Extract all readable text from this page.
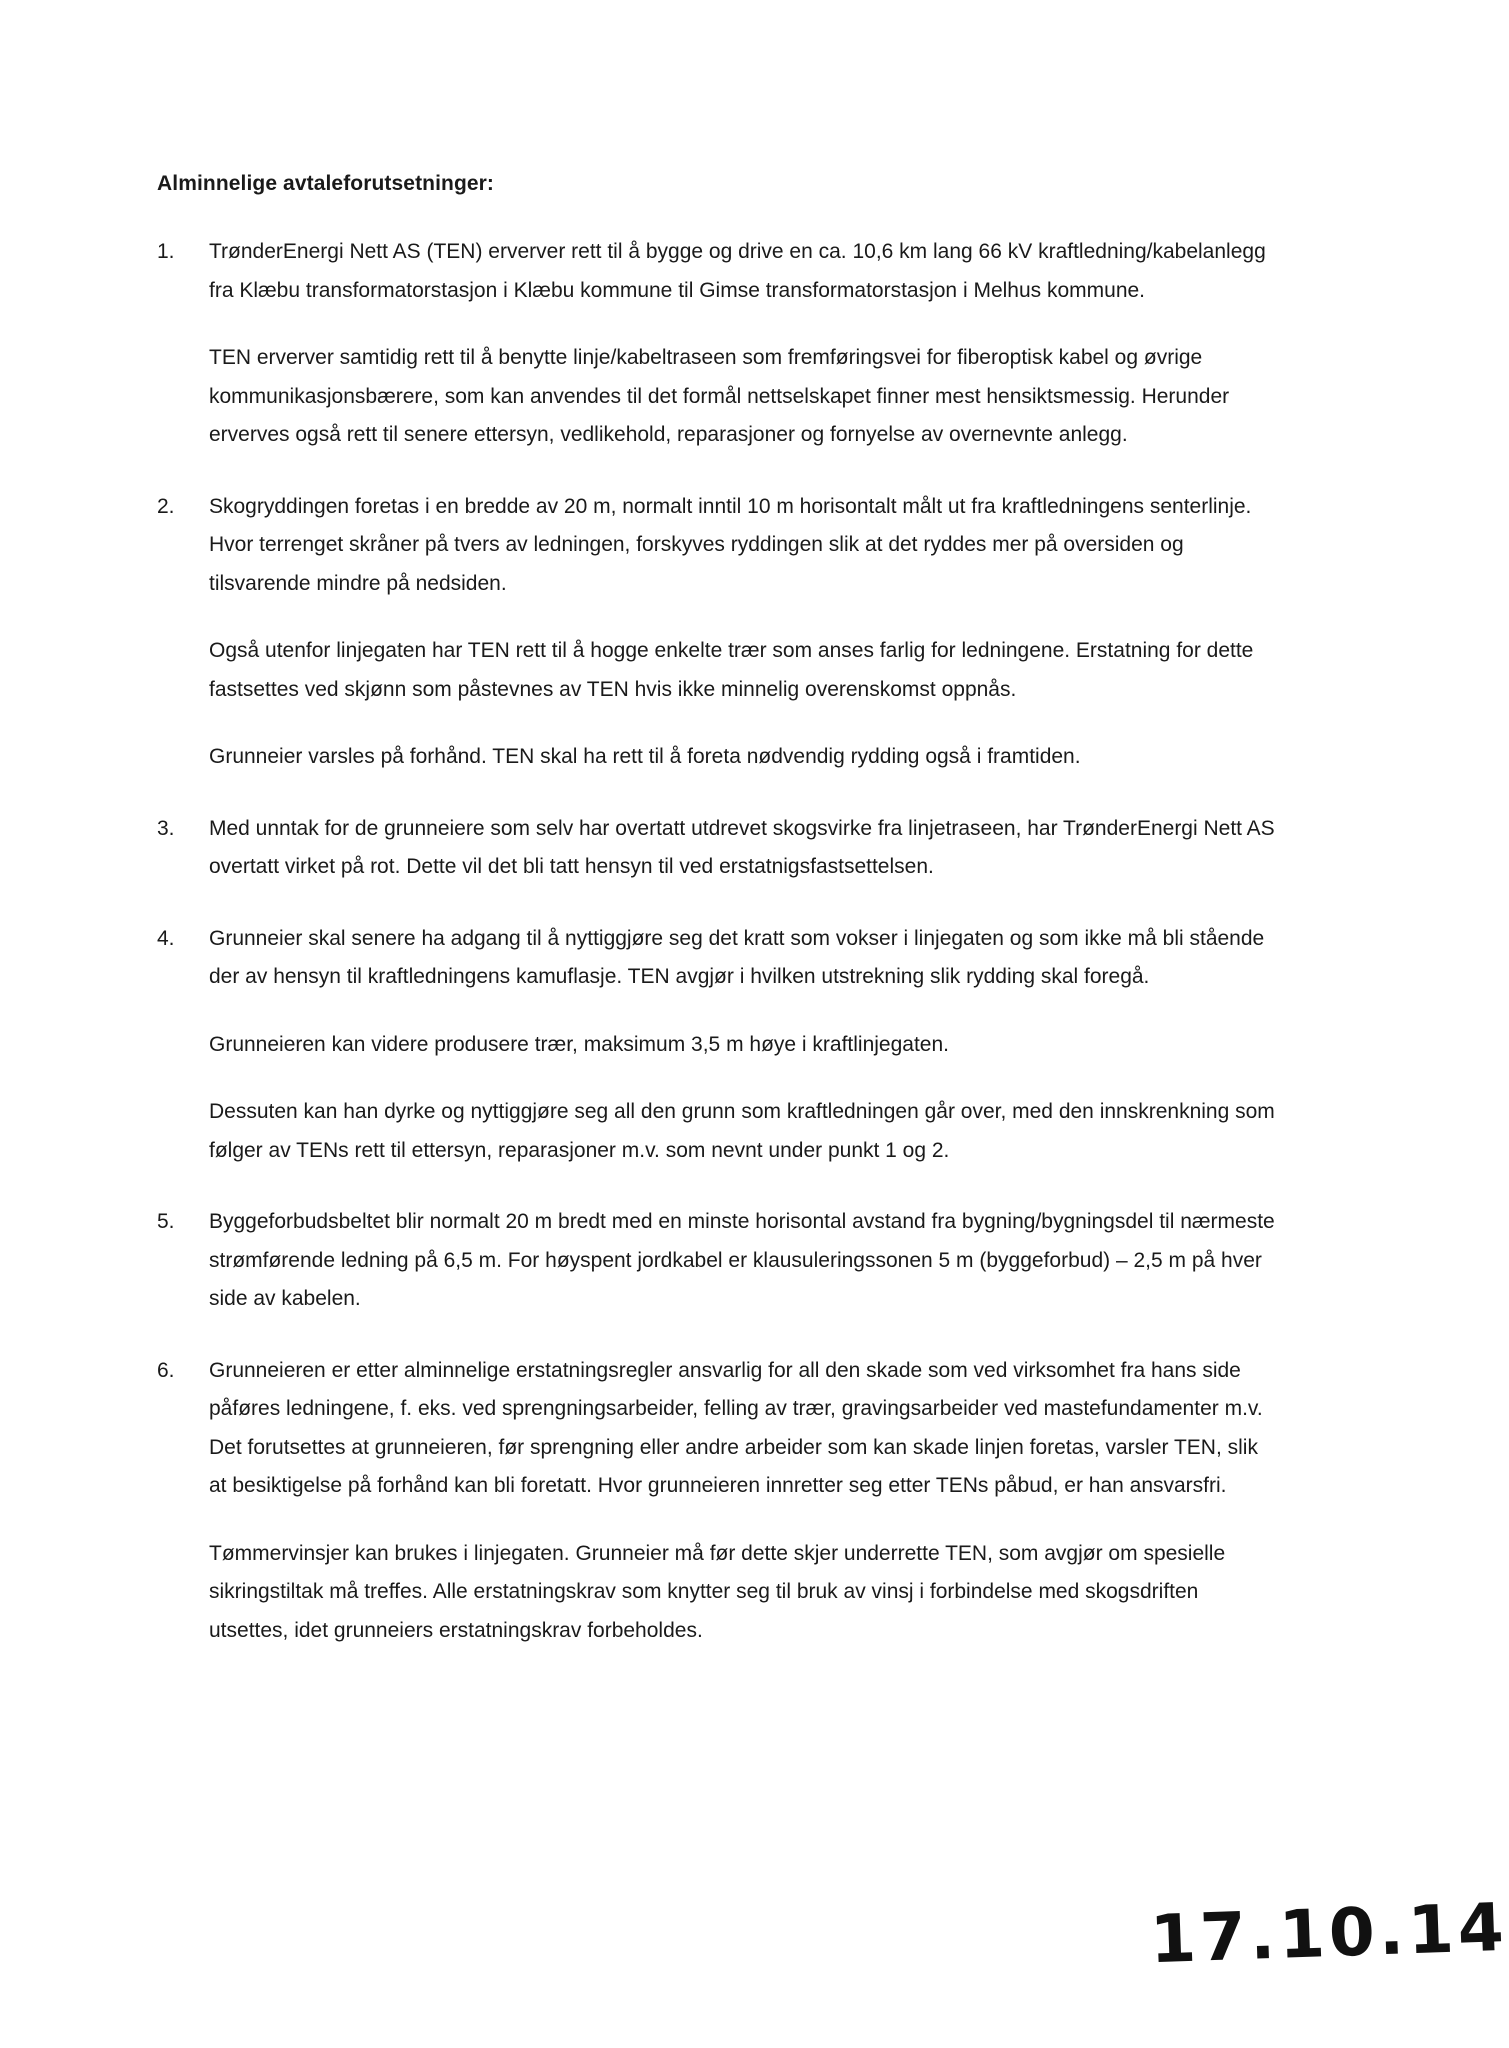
Alminnelige avtaleforutsetninger:
1. TrønderEnergi Nett AS (TEN) erverver rett til å bygge og drive en ca. 10,6 km lang 66 kV kraftledning/kabelanlegg fra Klæbu transformatorstasjon i Klæbu kommune til Gimse transformatorstasjon i Melhus kommune.

TEN erverver samtidig rett til å benytte linje/kabeltraseen som fremføringsvei for fiberoptisk kabel og øvrige kommunikasjonsbærere, som kan anvendes til det formål nettselskapet finner mest hensiktsmessig. Herunder erverves også rett til senere ettersyn, vedlikehold, reparasjoner og fornyelse av overnevnte anlegg.

2. Skogryddingen foretas i en bredde av 20 m, normalt inntil 10 m horisontalt målt ut fra kraftledningens senterlinje. Hvor terrenget skråner på tvers av ledningen, forskyves ryddingen slik at det ryddes mer på oversiden og tilsvarende mindre på nedsiden.

Også utenfor linjegaten har TEN rett til å hogge enkelte trær som anses farlig for ledningene. Erstatning for dette fastsettes ved skjønn som påstevnes av TEN hvis ikke minnelig overenskomst oppnås.

Grunneier varsles på forhånd. TEN skal ha rett til å foreta nødvendig rydding også i framtiden.

3. Med unntak for de grunneiere som selv har overtatt utdrevet skogsvirke fra linjetraseen, har TrønderEnergi Nett AS overtatt virket på rot. Dette vil det bli tatt hensyn til ved erstatnigsfastsettelsen.

4. Grunneier skal senere ha adgang til å nyttiggjøre seg det kratt som vokser i linjegaten og som ikke må bli stående der av hensyn til kraftledningens kamuflasje. TEN avgjør i hvilken utstrekning slik rydding skal foregå.

Grunneieren kan videre produsere trær, maksimum 3,5 m høye i kraftlinjegaten.

Dessuten kan han dyrke og nyttiggjøre seg all den grunn som kraftledningen går over, med den innskrenkning som følger av TENs rett til ettersyn, reparasjoner m.v. som nevnt under punkt 1 og 2.

5. Byggeforbudsbeltet blir normalt 20 m bredt med en minste horisontal avstand fra bygning/bygningsdel til nærmeste strømførende ledning på 6,5 m. For høyspent jordkabel er klausuleringssonen 5 m (byggeforbud) – 2,5 m på hver side av kabelen.

6. Grunneieren er etter alminnelige erstatningsregler ansvarlig for all den skade som ved virksomhet fra hans side påføres ledningene, f. eks. ved sprengningsarbeider, felling av trær, gravingsarbeider ved mastefundamenter m.v. Det forutsettes at grunneieren, før sprengning eller andre arbeider som kan skade linjen foretas, varsler TEN, slik at besiktigelse på forhånd kan bli foretatt. Hvor grunneieren innretter seg etter TENs påbud, er han ansvarsfri.

Tømmervinsjer kan brukes i linjegaten. Grunneier må før dette skjer underrette TEN, som avgjør om spesielle sikringstiltak må treffes. Alle erstatningskrav som knytter seg til bruk av vinsj i forbindelse med skogsdriften utsettes, idet grunneiers erstatningskrav forbeholdes.

17.10.14
